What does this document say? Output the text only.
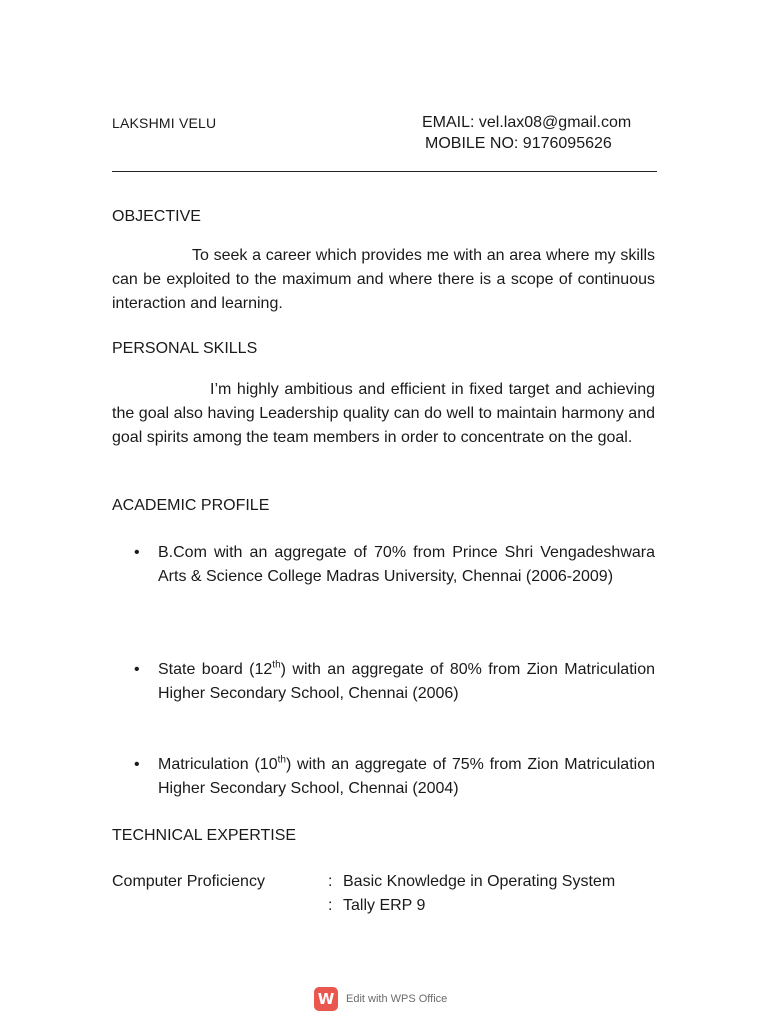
LAKSHMI VELU	EMAIL: vel.lax08@gmail.com
MOBILE NO: 9176095626
OBJECTIVE

To seek a career which provides me with an area where my skills can be exploited to the maximum and where there is a scope of continuous interaction and learning.

PERSONAL SKILLS

I’m highly ambitious and efficient in fixed target and achieving the goal also having Leadership quality can do well to maintain harmony and goal spirits among the team members in order to concentrate on the goal.

ACADEMIC PROFILE
• B.Com with an aggregate of 70% from Prince Shri Vengadeshwara Arts & Science College Madras University, Chennai (2006-2009)
• State board (12th) with an aggregate of 80% from Zion Matriculation Higher Secondary School, Chennai (2006)
• Matriculation (10th) with an aggregate of 75% from Zion Matriculation Higher Secondary School, Chennai (2004)
TECHNICAL EXPERTISE
Computer Proficiency	: Basic Knowledge in Operating System
: Tally ERP 9
W	Edit with WPS Office
